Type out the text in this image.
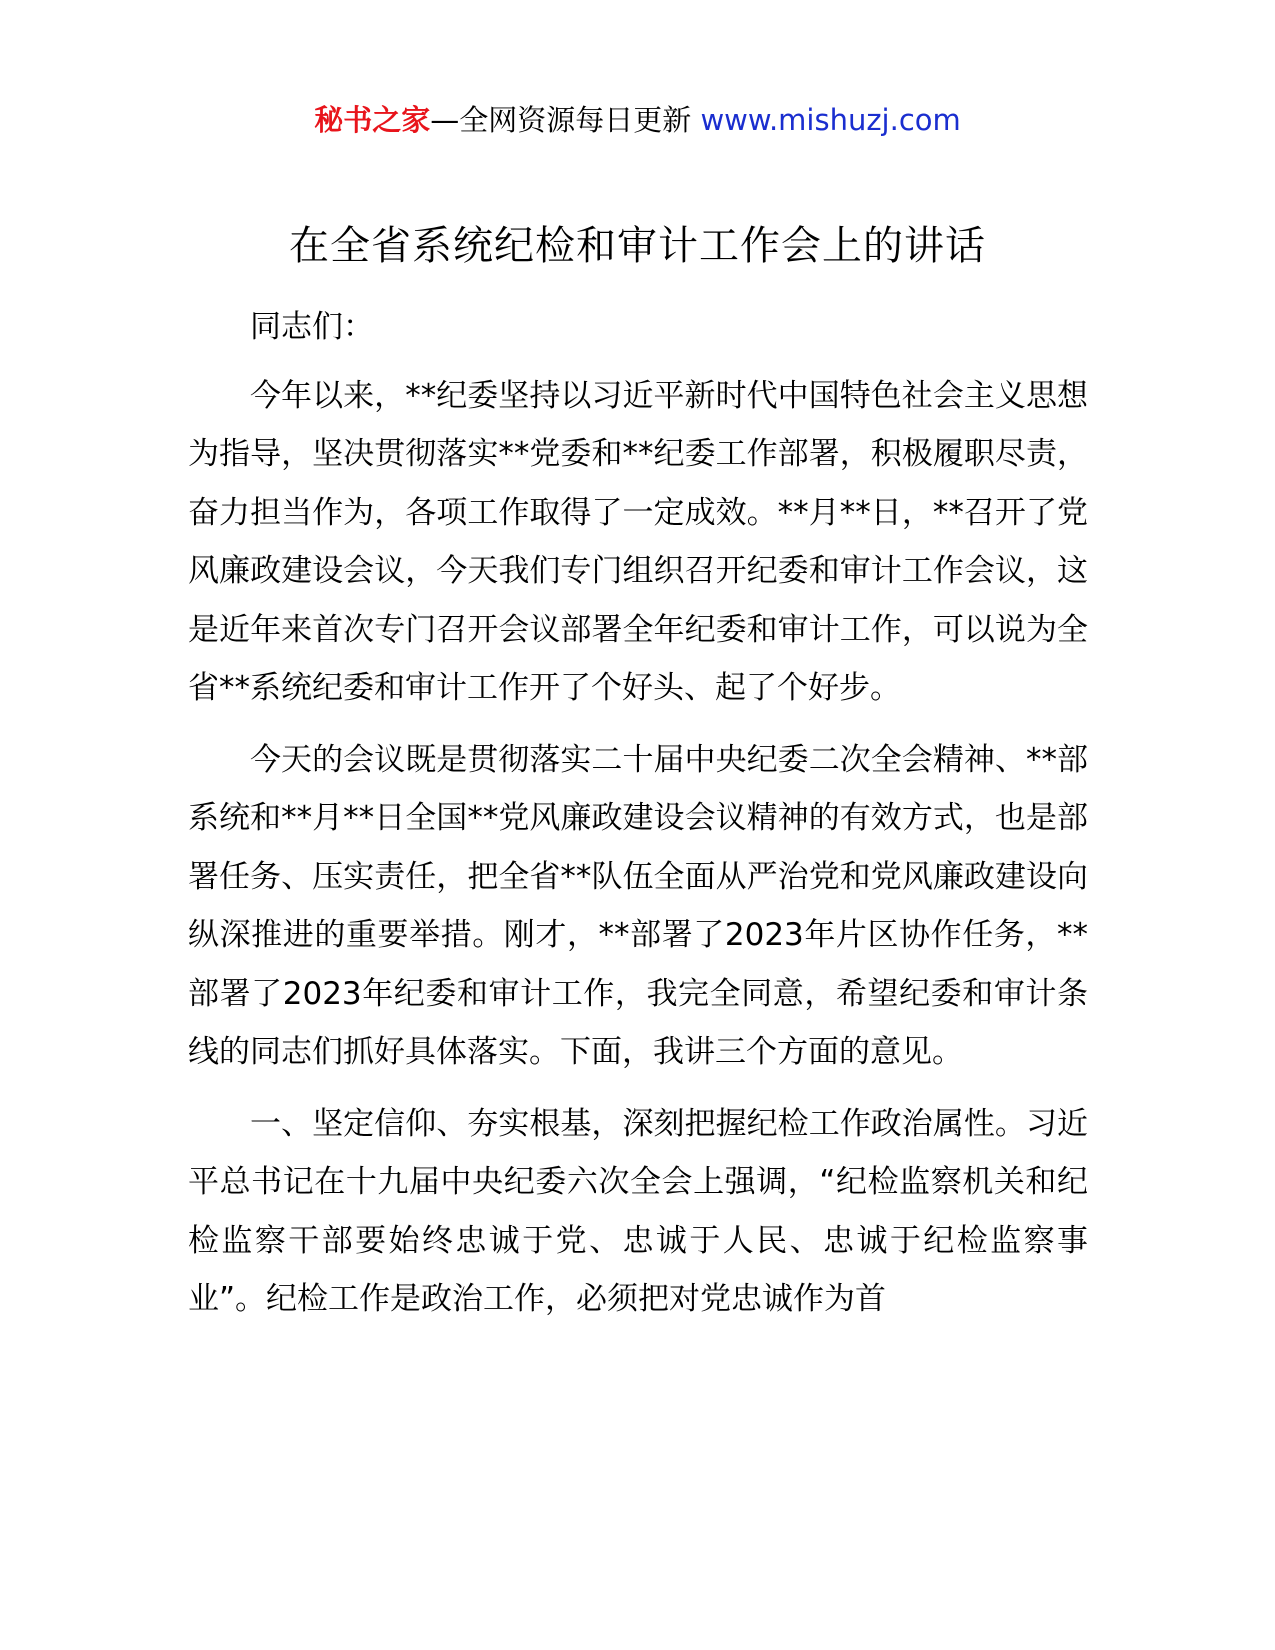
秘书之家—全网资源每日更新 www.mishuzj.com
在全省系统纪检和审计工作会上的讲话

同志们：

今年以来，**纪委坚持以习近平新时代中国特色社会主义思想为指导，坚决贯彻落实**党委和**纪委工作部署，积极履职尽责，奋力担当作为，各项工作取得了一定成效。**月**日，**召开了党风廉政建设会议，今天我们专门组织召开纪委和审计工作会议，这是近年来首次专门召开会议部署全年纪委和审计工作，可以说为全省**系统纪委和审计工作开了个好头、起了个好步。

今天的会议既是贯彻落实二十届中央纪委二次全会精神、**部系统和**月**日全国**党风廉政建设会议精神的有效方式，也是部署任务、压实责任，把全省**队伍全面从严治党和党风廉政建设向纵深推进的重要举措。刚才，**部署了2023年片区协作任务，**部署了2023年纪委和审计工作，我完全同意，希望纪委和审计条线的同志们抓好具体落实。下面，我讲三个方面的意见。

一、坚定信仰、夯实根基，深刻把握纪检工作政治属性。习近平总书记在十九届中央纪委六次全会上强调，“纪检监察机关和纪检监察干部要始终忠诚于党、忠诚于人民、忠诚于纪检监察事业”。纪检工作是政治工作，必须把对党忠诚作为首
